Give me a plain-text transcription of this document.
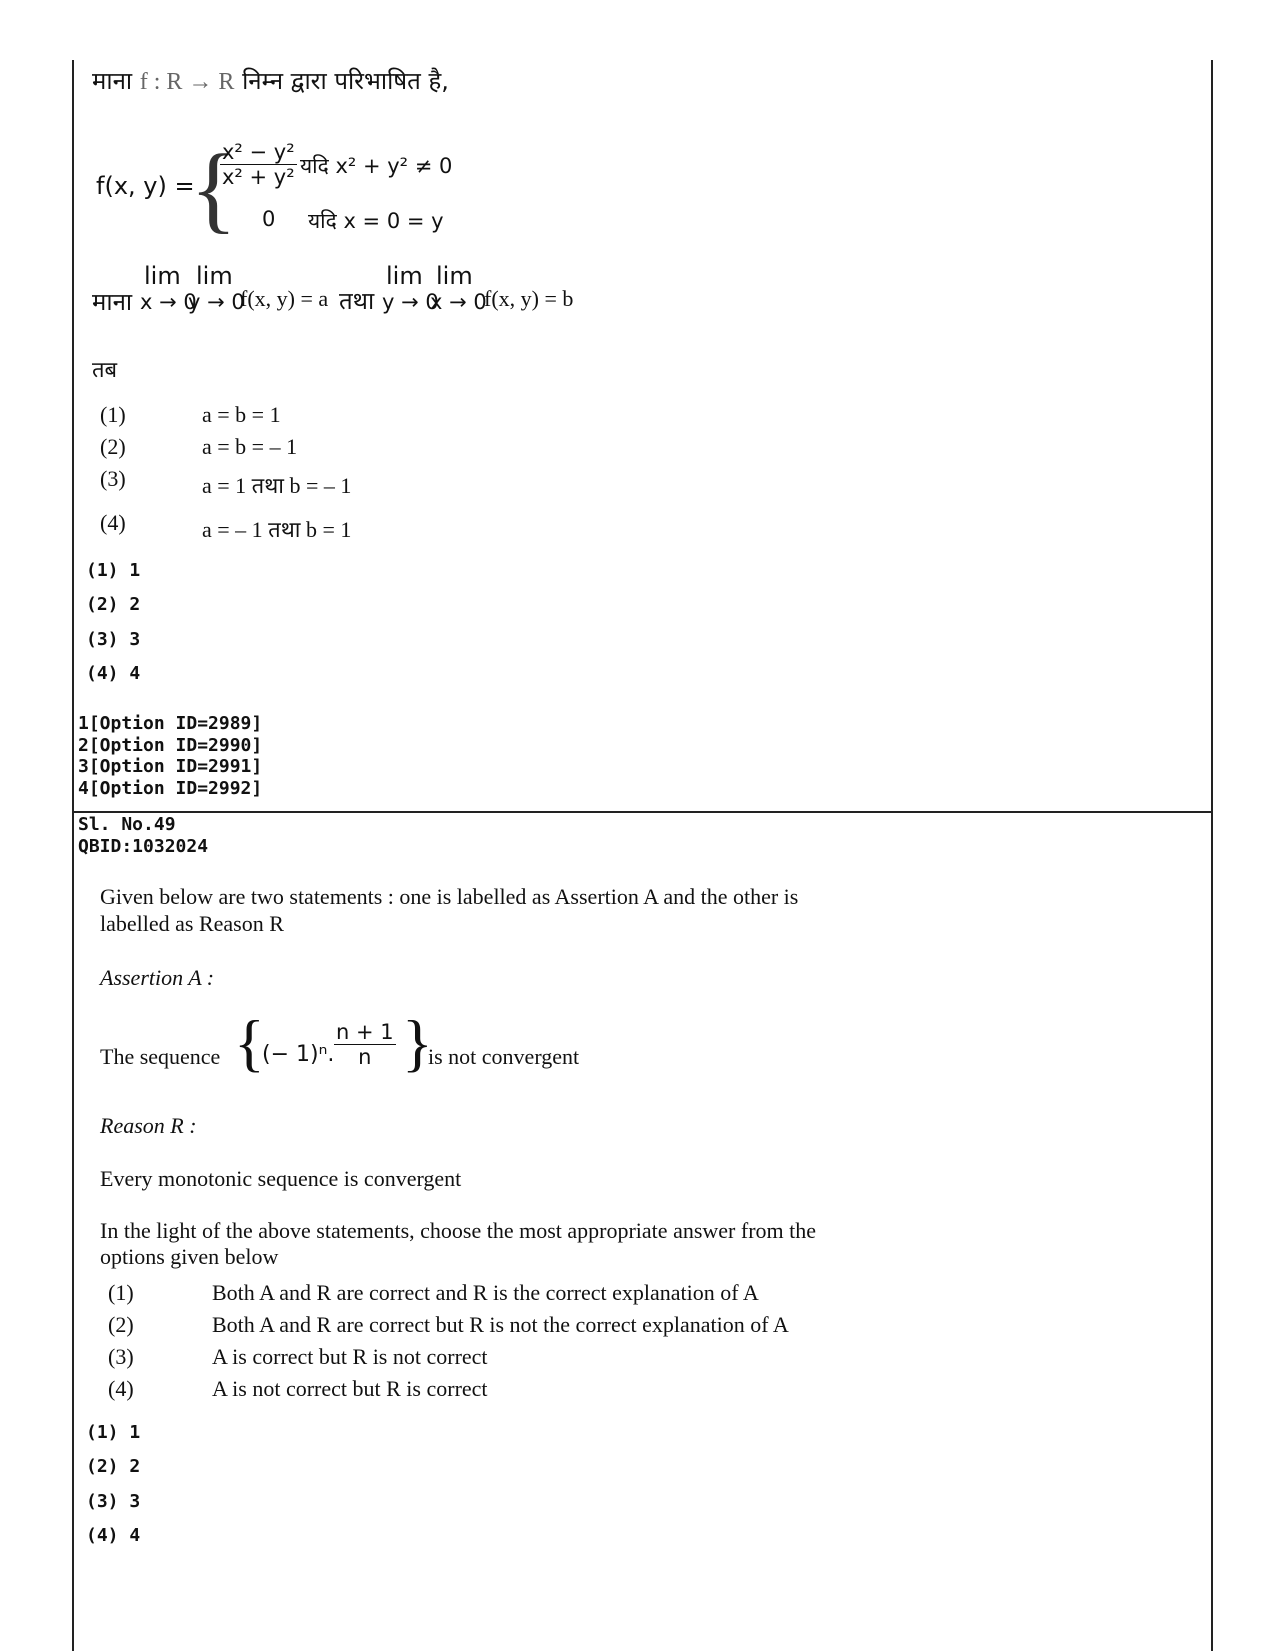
माना f : R → R निम्न द्वारा परिभाषित है,
f(x, y) =
{
$\frac{\text{x² − y²}}{\text{x² + y²}}$ यदि x² + y² ≠ 0
0 यदि x = 0 = y
माना
lim lim
x → 0
y → 0
f(x, y) = a तथा
lim lim
y → 0
x → 0
f(x, y) = b
तब
(1)	a = b = 1
(2)	a = b = – 1
(3)	a = 1 तथा b = – 1
(4)	a = – 1 तथा b = 1
(1) 1
(2) 2
(3) 3
(4) 4
1[Option ID=2989]
2[Option ID=2990]
3[Option ID=2991]
4[Option ID=2992]
Sl. No.49
QBID:1032024
Given below are two statements : one is labelled as Assertion A and the other is
labelled as Reason R
Assertion A :
The sequence {
(− 1)ⁿ. $\frac{n + 1}{n}$ }
is not convergent
Reason R :
Every monotonic sequence is convergent
In the light of the above statements, choose the most appropriate answer from the
options given below
(1)	Both A and R are correct and R is the correct explanation of A
(2)	Both A and R are correct but R is not the correct explanation of A
(3)	A is correct but R is not correct
(4)	A is not correct but R is correct
(1) 1
(2) 2
(3) 3
(4) 4
